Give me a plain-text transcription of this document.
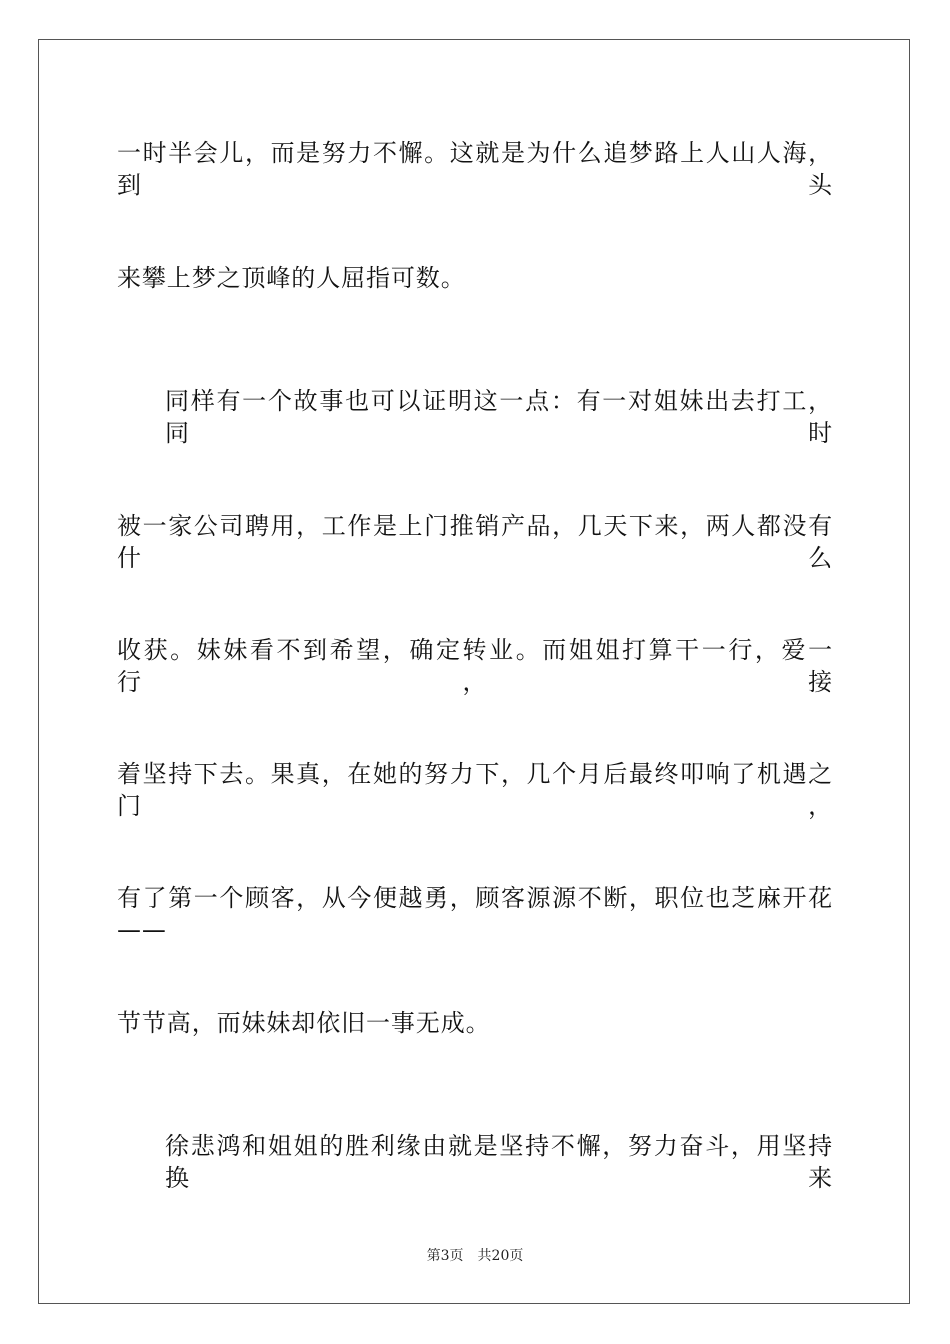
一时半会儿，而是努力不懈。这就是为什么追梦路上人山人海，到头
来攀上梦之顶峰的人屈指可数。
同样有一个故事也可以证明这一点：有一对姐妹出去打工，同时
被一家公司聘用，工作是上门推销产品，几天下来，两人都没有什么
收获。妹妹看不到希望，确定转业。而姐姐打算干一行，爱一行，接
着坚持下去。果真，在她的努力下，几个月后最终叩响了机遇之门，
有了第一个顾客，从今便越勇，顾客源源不断，职位也芝麻开花——
节节高，而妹妹却依旧一事无成。
徐悲鸿和姐姐的胜利缘由就是坚持不懈，努力奋斗，用坚持换来
第3页 共20页
